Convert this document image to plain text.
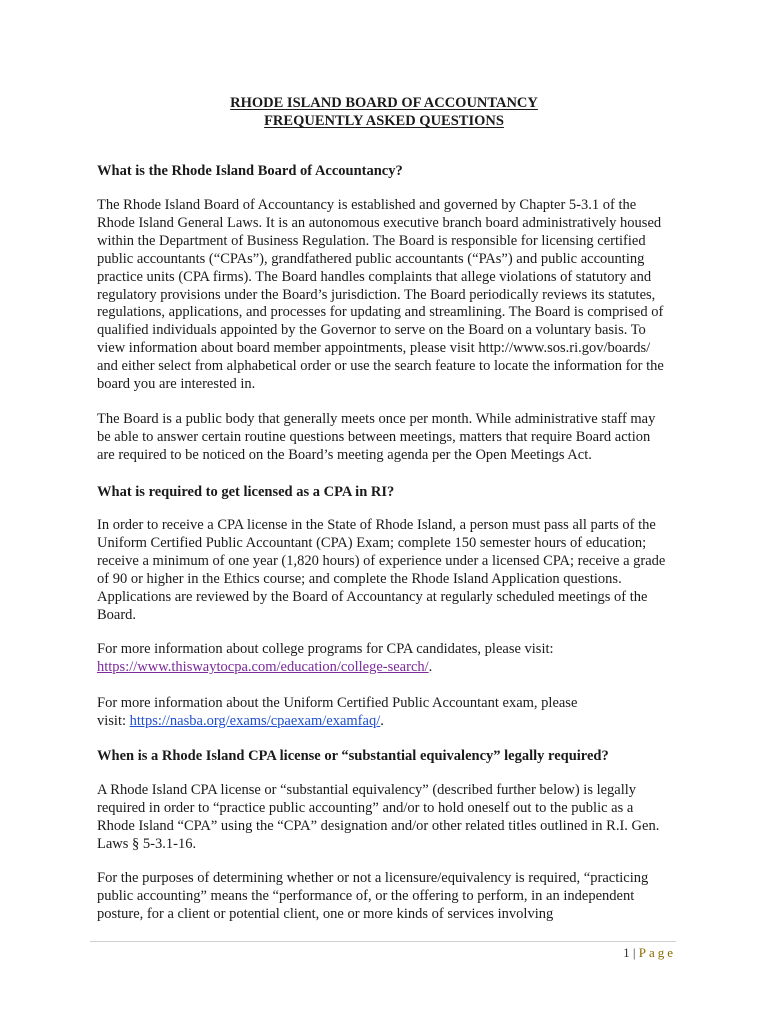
RHODE ISLAND BOARD OF ACCOUNTANCY
FREQUENTLY ASKED QUESTIONS

What is the Rhode Island Board of Accountancy?

The Rhode Island Board of Accountancy is established and governed by Chapter 5-3.1 of the Rhode Island General Laws. It is an autonomous executive branch board administratively housed within the Department of Business Regulation. The Board is responsible for licensing certified public accountants (“CPAs”), grandfathered public accountants (“PAs”) and public accounting practice units (CPA firms). The Board handles complaints that allege violations of statutory and regulatory provisions under the Board’s jurisdiction. The Board periodically reviews its statutes, regulations, applications, and processes for updating and streamlining. The Board is comprised of qualified individuals appointed by the Governor to serve on the Board on a voluntary basis. To view information about board member appointments, please visit http://www.sos.ri.gov/boards/ and either select from alphabetical order or use the search feature to locate the information for the board you are interested in.

The Board is a public body that generally meets once per month. While administrative staff may be able to answer certain routine questions between meetings, matters that require Board action are required to be noticed on the Board’s meeting agenda per the Open Meetings Act.

What is required to get licensed as a CPA in RI?

In order to receive a CPA license in the State of Rhode Island, a person must pass all parts of the Uniform Certified Public Accountant (CPA) Exam; complete 150 semester hours of education; receive a minimum of one year (1,820 hours) of experience under a licensed CPA; receive a grade of 90 or higher in the Ethics course; and complete the Rhode Island Application questions. Applications are reviewed by the Board of Accountancy at regularly scheduled meetings of the Board.

For more information about college programs for CPA candidates, please visit: https://www.thiswaytocpa.com/education/college-search/.

For more information about the Uniform Certified Public Accountant exam, please visit: https://nasba.org/exams/cpaexam/examfaq/.

When is a Rhode Island CPA license or “substantial equivalency” legally required?

A Rhode Island CPA license or “substantial equivalency” (described further below) is legally required in order to “practice public accounting” and/or to hold oneself out to the public as a Rhode Island “CPA” using the “CPA” designation and/or other related titles outlined in R.I. Gen. Laws § 5-3.1-16.

For the purposes of determining whether or not a licensure/equivalency is required, “practicing public accounting” means the “performance of, or the offering to perform, in an independent posture, for a client or potential client, one or more kinds of services involving

1 | Page
